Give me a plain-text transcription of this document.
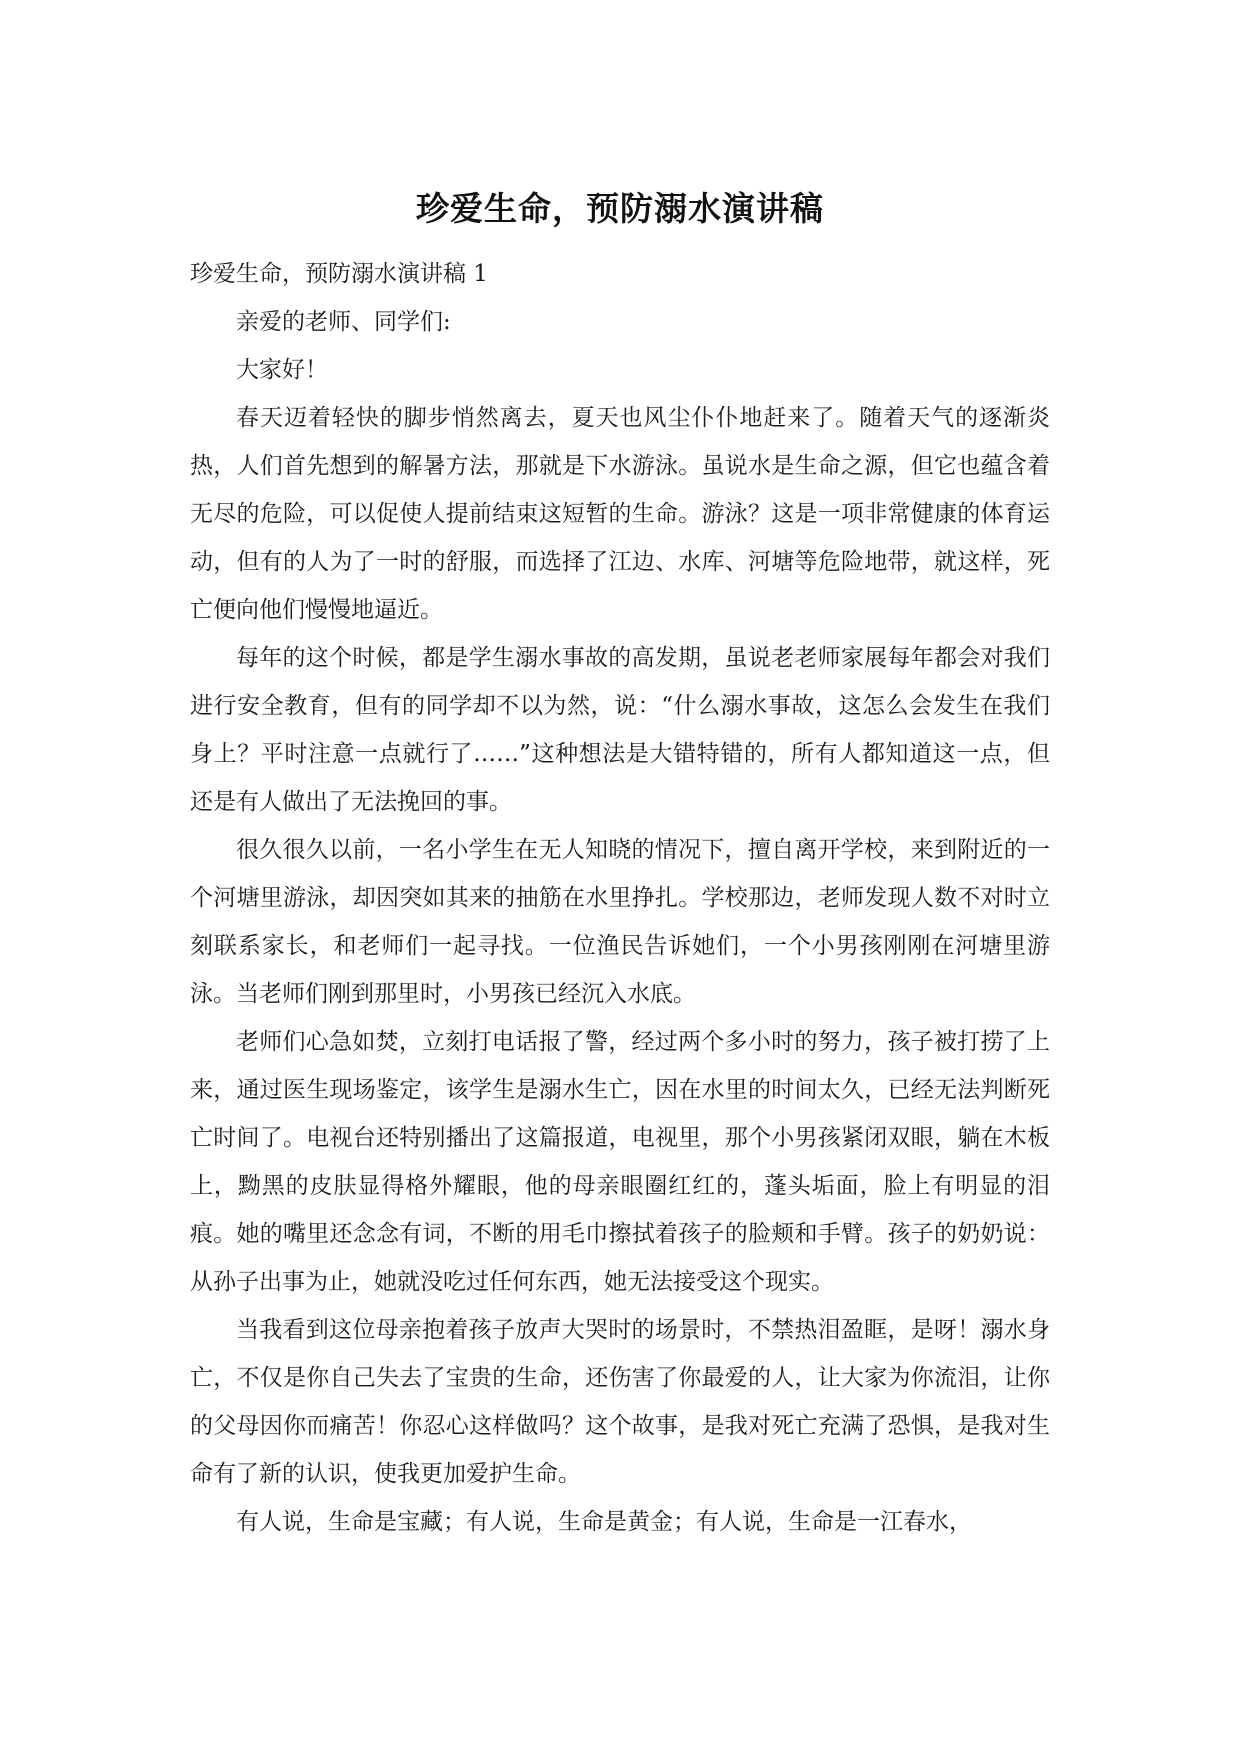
珍爱生命，预防溺水演讲稿

珍爱生命，预防溺水演讲稿 1

亲爱的老师、同学们:

大家好！

春天迈着轻快的脚步悄然离去，夏天也风尘仆仆地赶来了。随着天气的逐渐炎热，人们首先想到的解暑方法，那就是下水游泳。虽说水是生命之源，但它也蕴含着无尽的危险，可以促使人提前结束这短暂的生命。游泳？这是一项非常健康的体育运动，但有的人为了一时的舒服，而选择了江边、水库、河塘等危险地带，就这样，死亡便向他们慢慢地逼近。

每年的这个时候，都是学生溺水事故的高发期，虽说老老师家展每年都会对我们进行安全教育，但有的同学却不以为然，说：“什么溺水事故，这怎么会发生在我们身上？平时注意一点就行了……”这种想法是大错特错的，所有人都知道这一点，但还是有人做出了无法挽回的事。

很久很久以前，一名小学生在无人知晓的情况下，擅自离开学校，来到附近的一个河塘里游泳，却因突如其来的抽筋在水里挣扎。学校那边，老师发现人数不对时立刻联系家长，和老师们一起寻找。一位渔民告诉她们，一个小男孩刚刚在河塘里游泳。当老师们刚到那里时，小男孩已经沉入水底。

老师们心急如焚，立刻打电话报了警，经过两个多小时的努力，孩子被打捞了上来，通过医生现场鉴定，该学生是溺水生亡，因在水里的时间太久，已经无法判断死亡时间了。电视台还特别播出了这篇报道，电视里，那个小男孩紧闭双眼，躺在木板上，黝黑的皮肤显得格外耀眼，他的母亲眼圈红红的，蓬头垢面，脸上有明显的泪痕。她的嘴里还念念有词，不断的用毛巾擦拭着孩子的脸颊和手臂。孩子的奶奶说：从孙子出事为止，她就没吃过任何东西，她无法接受这个现实。

当我看到这位母亲抱着孩子放声大哭时的场景时，不禁热泪盈眶，是呀！溺水身亡，不仅是你自己失去了宝贵的生命，还伤害了你最爱的人，让大家为你流泪，让你的父母因你而痛苦！你忍心这样做吗？这个故事，是我对死亡充满了恐惧，是我对生命有了新的认识，使我更加爱护生命。

有人说，生命是宝藏；有人说，生命是黄金；有人说，生命是一江春水，
